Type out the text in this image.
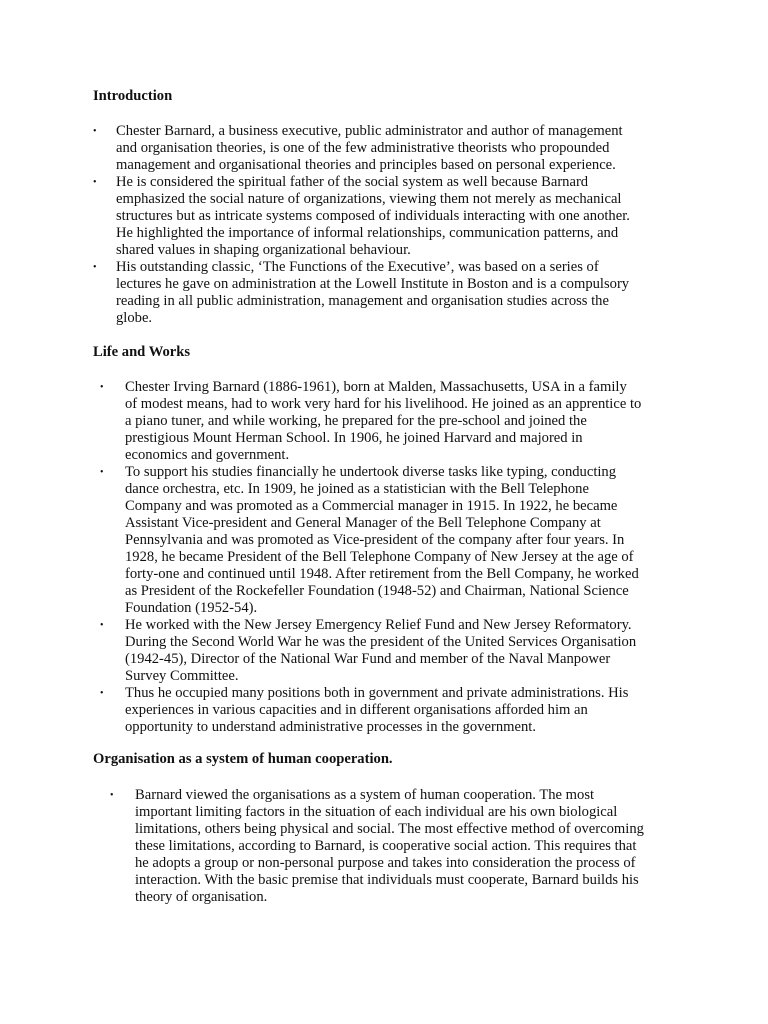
Introduction
• Chester Barnard, a business executive, public administrator and author of management
and organisation theories, is one of the few administrative theorists who propounded
management and organisational theories and principles based on personal experience.
• He is considered the spiritual father of the social system as well because Barnard
emphasized the social nature of organizations, viewing them not merely as mechanical
structures but as intricate systems composed of individuals interacting with one another.
He highlighted the importance of informal relationships, communication patterns, and
shared values in shaping organizational behaviour.
• His outstanding classic, ‘The Functions of the Executive’, was based on a series of
lectures he gave on administration at the Lowell Institute in Boston and is a compulsory
reading in all public administration, management and organisation studies across the
globe.
Life and Works
• Chester Irving Barnard (1886-1961), born at Malden, Massachusetts, USA in a family
of modest means, had to work very hard for his livelihood. He joined as an apprentice to
a piano tuner, and while working, he prepared for the pre-school and joined the
prestigious Mount Herman School. In 1906, he joined Harvard and majored in
economics and government.
• To support his studies financially he undertook diverse tasks like typing, conducting
dance orchestra, etc. In 1909, he joined as a statistician with the Bell Telephone
Company and was promoted as a Commercial manager in 1915. In 1922, he became
Assistant Vice-president and General Manager of the Bell Telephone Company at
Pennsylvania and was promoted as Vice-president of the company after four years. In
1928, he became President of the Bell Telephone Company of New Jersey at the age of
forty-one and continued until 1948. After retirement from the Bell Company, he worked
as President of the Rockefeller Foundation (1948-52) and Chairman, National Science
Foundation (1952-54).
• He worked with the New Jersey Emergency Relief Fund and New Jersey Reformatory.
During the Second World War he was the president of the United Services Organisation
(1942-45), Director of the National War Fund and member of the Naval Manpower
Survey Committee.
• Thus he occupied many positions both in government and private administrations. His
experiences in various capacities and in different organisations afforded him an
opportunity to understand administrative processes in the government.
Organisation as a system of human cooperation.
• Barnard viewed the organisations as a system of human cooperation. The most
important limiting factors in the situation of each individual are his own biological
limitations, others being physical and social. The most effective method of overcoming
these limitations, according to Barnard, is cooperative social action. This requires that
he adopts a group or non-personal purpose and takes into consideration the process of
interaction. With the basic premise that individuals must cooperate, Barnard builds his
theory of organisation.
